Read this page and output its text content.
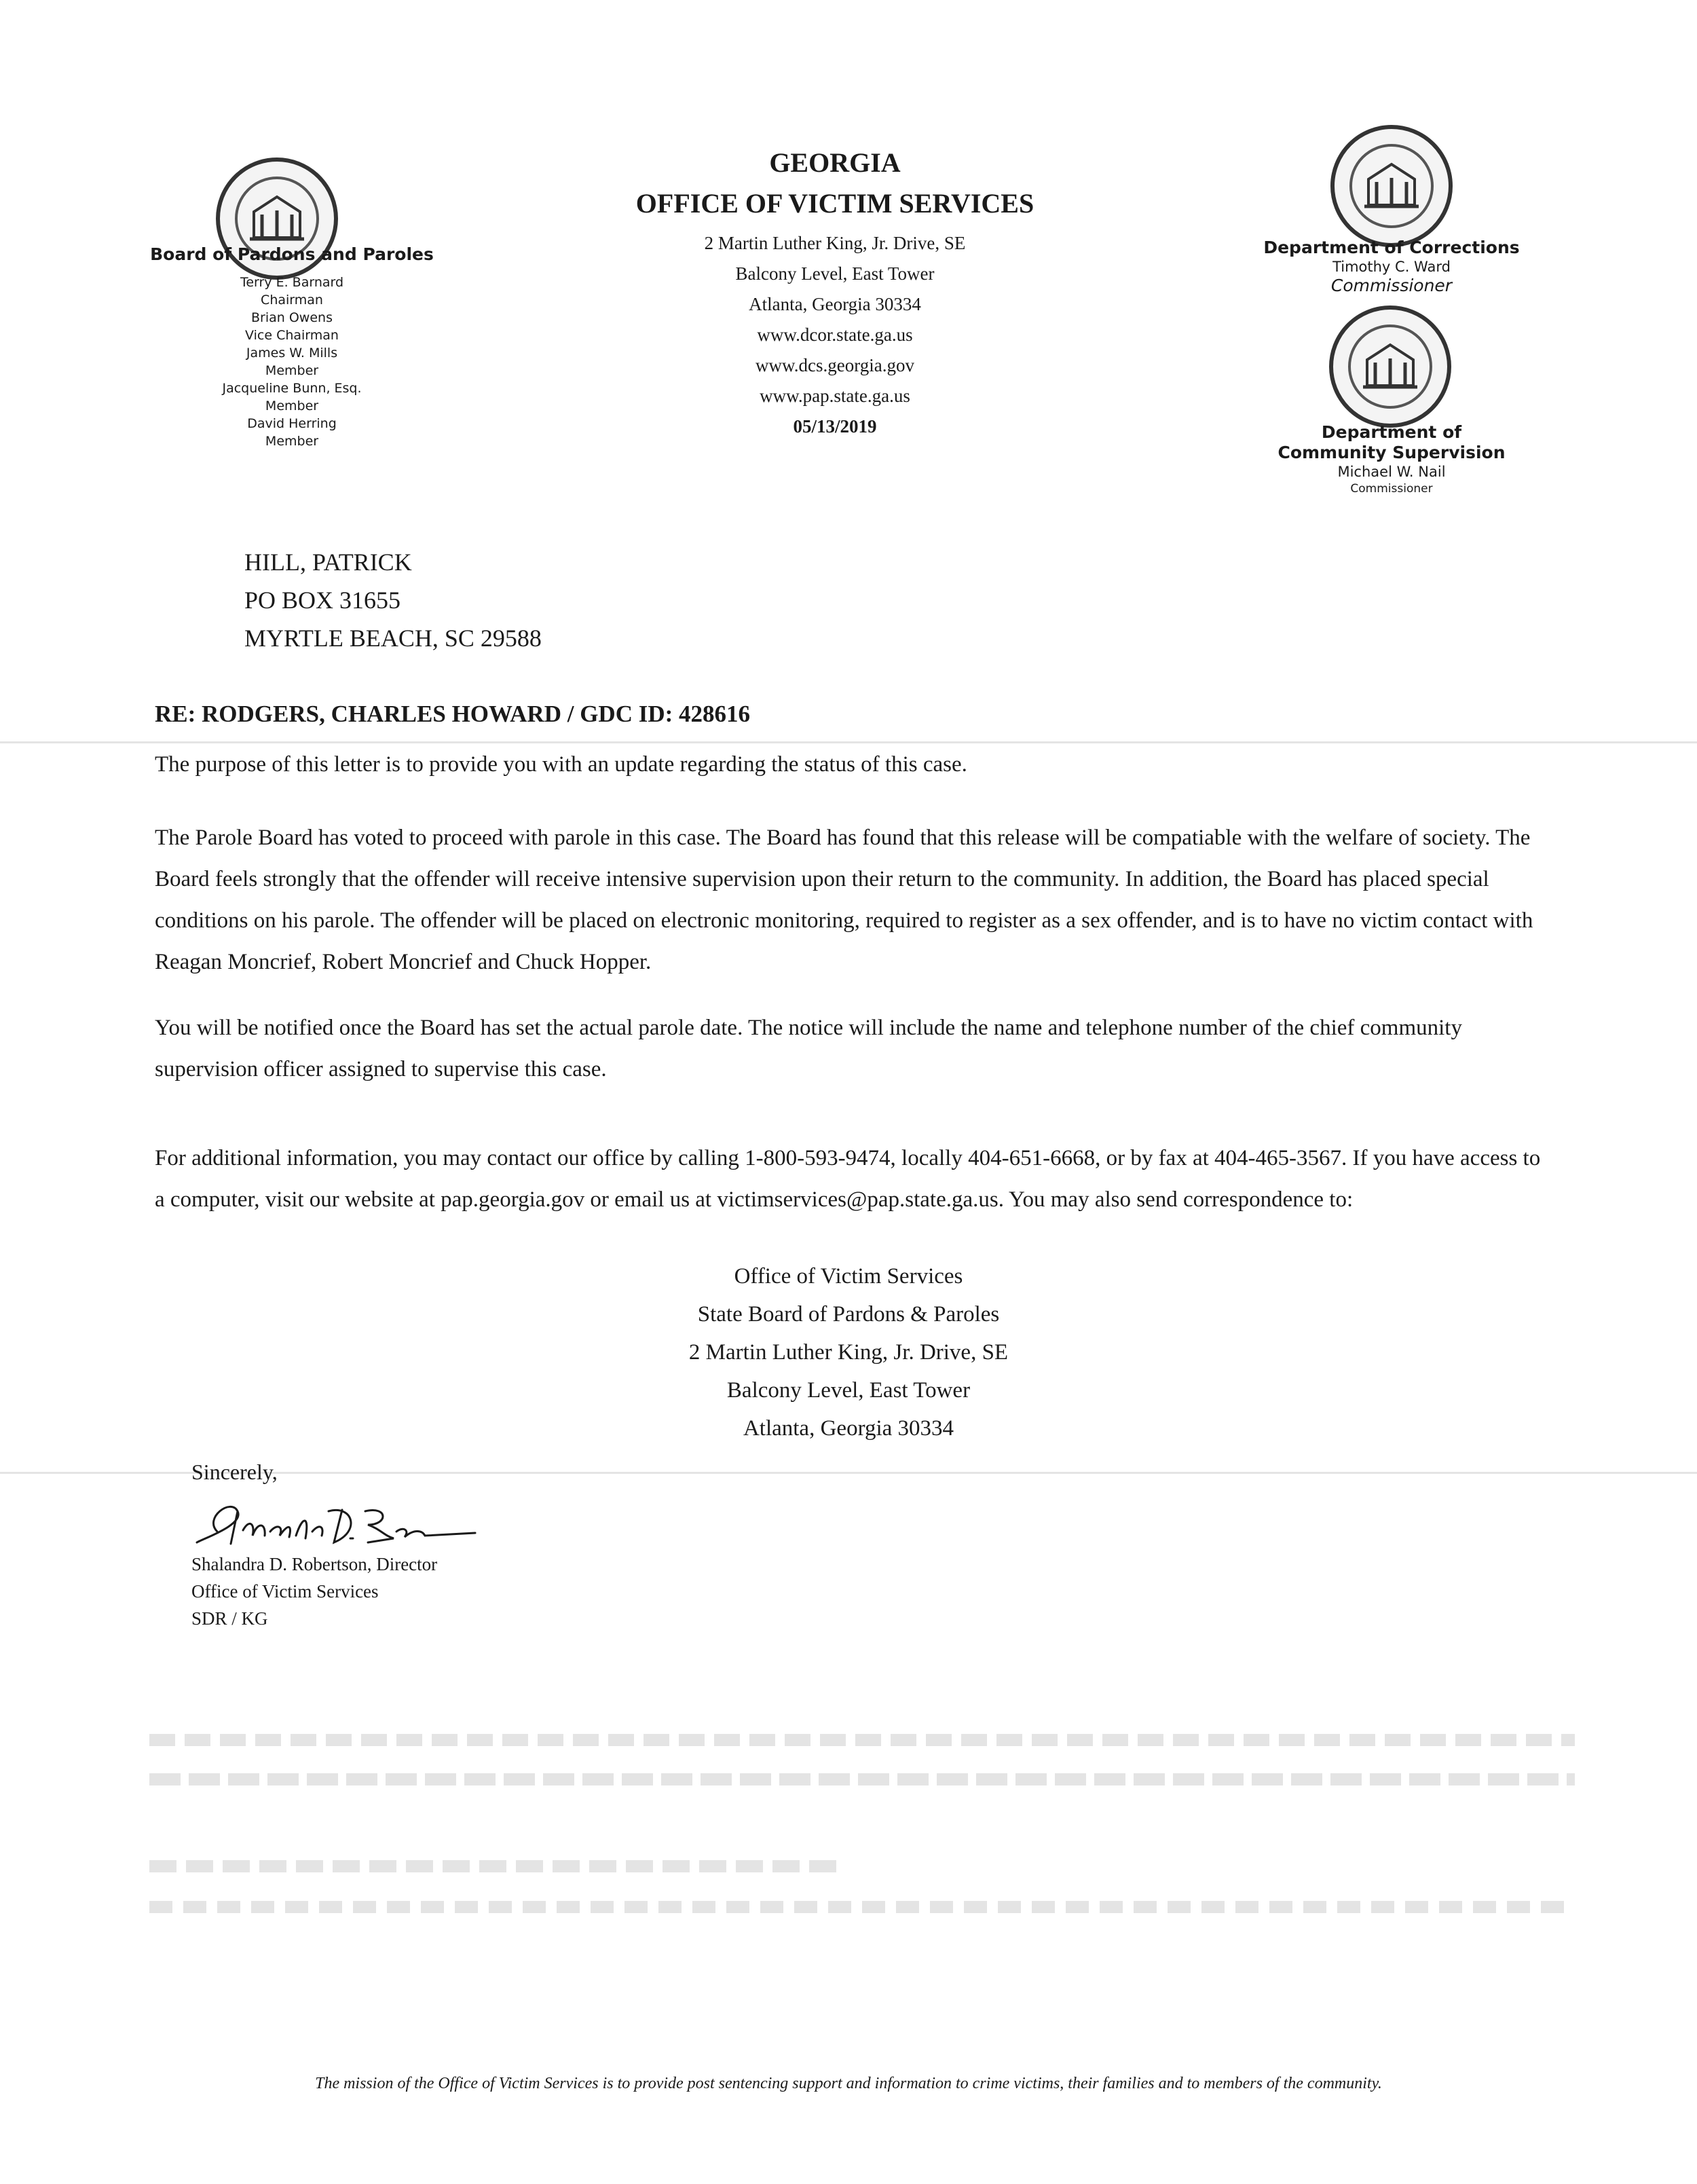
Board of Pardons and Paroles
Terry E. Barnard
Chairman
Brian Owens
Vice Chairman
James W. Mills
Member
Jacqueline Bunn, Esq.
Member
David Herring
Member
GEORGIA
OFFICE OF VICTIM SERVICES
2 Martin Luther King, Jr. Drive, SE
Balcony Level, East Tower
Atlanta, Georgia 30334
www.dcor.state.ga.us
www.dcs.georgia.gov
www.pap.state.ga.us
05/13/2019
Department of Corrections
Timothy C. Ward
Commissioner
Department of
Community Supervision
Michael W. Nail
Commissioner
HILL, PATRICK
PO BOX 31655
MYRTLE BEACH, SC 29588
RE: RODGERS, CHARLES HOWARD / GDC ID: 428616
The purpose of this letter is to provide you with an update regarding the status of this case.
The Parole Board has voted to proceed with parole in this case. The Board has found that this release will be compatiable with the welfare of society. The Board feels strongly that the offender will receive intensive supervision upon their return to the community. In addition, the Board has placed special conditions on his parole. The offender will be placed on electronic monitoring, required to register as a sex offender, and is to have no victim contact with Reagan Moncrief, Robert Moncrief and Chuck Hopper.
You will be notified once the Board has set the actual parole date. The notice will include the name and telephone number of the chief community supervision officer assigned to supervise this case.
For additional information, you may contact our office by calling 1-800-593-9474, locally 404-651-6668, or by fax at 404-465-3567. If you have access to a computer, visit our website at pap.georgia.gov or email us at victimservices@pap.state.ga.us. You may also send correspondence to:
Office of Victim Services
State Board of Pardons & Paroles
2 Martin Luther King, Jr. Drive, SE
Balcony Level, East Tower
Atlanta, Georgia 30334
Sincerely,
Shalandra D. Robertson, Director
Office of Victim Services
SDR / KG
The mission of the Office of Victim Services is to provide post sentencing support and information to crime victims, their families and to members of the community.
